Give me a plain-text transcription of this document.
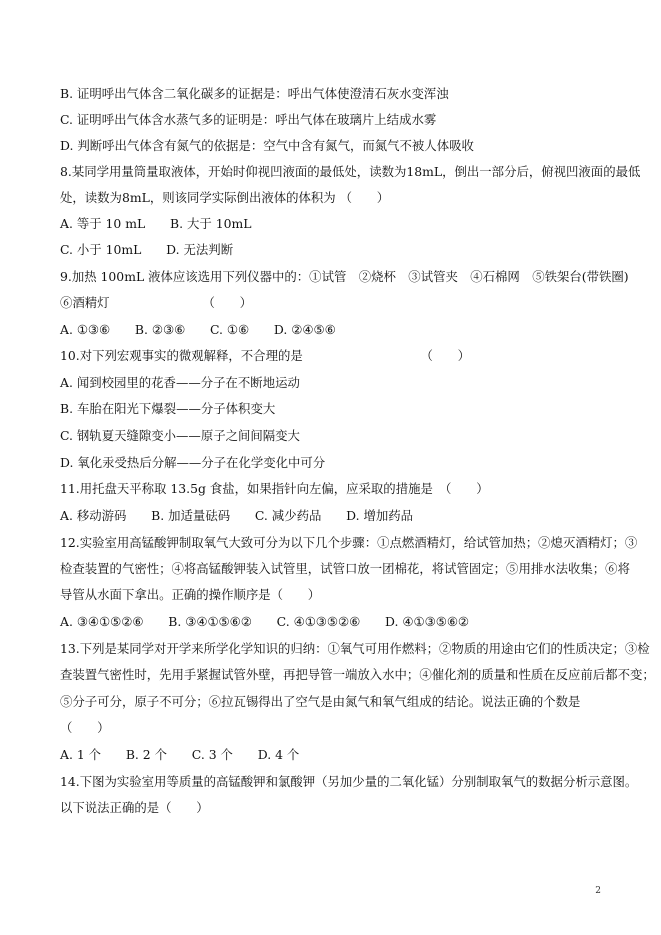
B. 证明呼出气体含二氧化碳多的证据是：呼出气体使澄清石灰水变浑浊
C. 证明呼出气体含水蒸气多的证明是：呼出气体在玻璃片上结成水雾
D. 判断呼出气体含有氮气的依据是：空气中含有氮气，而氮气不被人体吸收
8.某同学用量筒量取液体，开始时仰视凹液面的最低处，读数为18mL，倒出一部分后，俯视凹液面的最低
处，读数为8mL，则该同学实际倒出液体的体积为 （　　）
A. 等于 10 mL　　B. 大于 10mL
C. 小于 10mL　　D. 无法判断
9.加热 100mL 液体应该选用下列仪器中的：①试管　②烧杯　③试管夹　④石棉网　⑤铁架台(带铁圈)
⑥酒精灯　　　　　　　　（　　）
A. ①③⑥　　B. ②③⑥　　C. ①⑥　　D. ②④⑤⑥
10.对下列宏观事实的微观解释，不合理的是　　　　　　　　　　（　　）
A. 闻到校园里的花香——分子在不断地运动
B. 车胎在阳光下爆裂——分子体积变大
C. 钢轨夏天缝隙变小——原子之间间隔变大
D. 氧化汞受热后分解——分子在化学变化中可分
11.用托盘天平称取 13.5g 食盐，如果指针向左偏，应采取的措施是　（　　）
A. 移动游码　　B. 加适量砝码　　C. 减少药品　　D. 增加药品
12.实验室用高锰酸钾制取氧气大致可分为以下几个步骤：①点燃酒精灯，给试管加热；②熄灭酒精灯；③
检查装置的气密性；④将高锰酸钾装入试管里，试管口放一团棉花，将试管固定；⑤用排水法收集；⑥将
导管从水面下拿出。正确的操作顺序是（　　）
A. ③④①⑤②⑥　　B. ③④①⑤⑥②　　C. ④①③⑤②⑥　　D. ④①③⑤⑥②
13.下列是某同学对开学来所学化学知识的归纳：①氧气可用作燃料；②物质的用途由它们的性质决定；③检
查装置气密性时，先用手紧握试管外壁，再把导管一端放入水中；④催化剂的质量和性质在反应前后都不变；
⑤分子可分，原子不可分；⑥拉瓦锡得出了空气是由氮气和氧气组成的结论。说法正确的个数是
（　　）
A. 1 个　　B. 2 个　　C. 3 个　　D. 4 个
14.下图为实验室用等质量的高锰酸钾和氯酸钾（另加少量的二氧化锰）分别制取氧气的数据分析示意图。
以下说法正确的是（　　）
2
